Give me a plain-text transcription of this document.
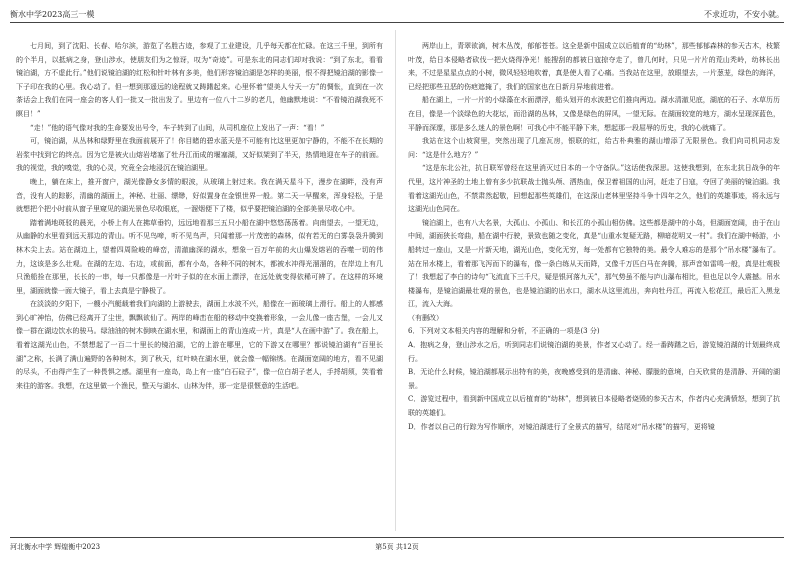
衡水中学2023高三一模	不求近功，不安小就。

七月间，到了沈阳、长春、哈尔滨，游览了名胜古迹，参观了工业建设，几乎每天都在忙碌。在这三千里，到所有的个半月，以抵病之身，登山涉水，使朋友们为之惊讶，叹为“奇迹”。可是东北的同志们却对我说：“到了东北，看看镜泊湖，方不虚此行。”他们说镜泊湖的红松和针叶林有多美，他们形容镜泊湖是怎样的美丽，恨不得把镜泊湖的影像一下子印在我的心里。我心动了。但一想到那遥远的途程就又踌躇起来。心里怀着“望美人兮天一方”的惆怅，直到在一次茶话会上我们在同一座会的客人们一批又一批出发了。里边有一位八十二岁的老几，他幽默地说：“不看镜泊湖我死不瞑目！”

“走！”他的语气像对我的生命要发出号令，车子转到了山间，从司机座位上发出了一声：“看！”

可，镜泊湖，从丛林和绿野里在我面前展开了！你目睹的碧水蓝天是不可能有比这里更加宁静的，不能不在长期的岩浆中找到它的终点。因为它是被火山熔岩堵塞了牡丹江而成的堰塞湖，又好似架到了半天，热情地迎在车子的前面。我的视觉，我的嗅觉，我的心灵，究竟全会地浸沉在镜泊湖里。

晚上，躺在床上，推开窗户，湖光像静女多情的眼波，从玻璃上射过来。我在满天星斗下，漫步在湖畔，没有声音，没有人的踪影，清幽的湖面上，神秘、壮丽、缥缈，好似置身在金银世界一般。第二天一早醒来，浑身轻松，于是就想把个把小时前从窗子里窥见的湖光景色尽收眼底，一溜烟便下了楼，似乎要把镜泊湖的全部美景尽收心中。

踏着满地斑驳的晨光，小桥上有人在拂草垂钓，远远地看那三五只小船在湖中悠悠荡荡着。向南望去，一望无边，从幽静的水里看到远天那边的青山。听不见鸟啼，听不见鸟声，只闻着那一片茂密的森林，似有若无的白雾袅袅升腾到林木尖上去。站在湖边上，望着四周险峻的峰峦，清澈幽深的湖水，想象一百万年前的火山爆发熔岩的吞噬一切的伟力，这该是多么壮观。在湖的左边、右边，或前面，都有小岛，各种不同的树木，都被水冲得光溜溜的，在岸边上有几只渔船拴在那里，长长的一串，每一只都像是一片叶子似的在水面上漂浮，在远处就变得依稀可辨了。在这样的环境里，湖面就像一面大镜子，看上去真是宁静极了。

在淡淡的夕阳下，一艘小汽艇载着我们向湖的上游驶去，湖面上水波不兴，船像在一面玻璃上滑行。船上的人都感到心旷神怡，仿佛已经离开了尘世，飘飘欲仙了。两岸的峰峦在船的移动中变换着形象，一会儿像一座古堡，一会儿又像一群在湖边饮水的骏马。绿油油的树木倒映在湖水里，和湖面上的青山连成一片，真是“人在画中游”了。我在船上，看着这湖光山色，不禁想起了一百二十里长的镜泊湖，它的上游在哪里，它的下游又在哪里？都说镜泊湖有“百里长湖”之称，长满了满山遍野的各种树木，到了秋天，红叶映在湖水里，就会像一幅锦绣。在湖面宽阔的地方，看不见湖的尽头，不由得产生了一种畏惧之感。湖里有一座岛，岛上有一座“白石砬子”，像一位白胡子老人，手捋胡须，笑看着来往的游客。我想，在这里做一个渔民，整天与湖水、山林为伴，那一定是很惬意的生活吧。

两岸山上，青翠欲滴，树木丛茂，郁郁苍苍。这全是新中国成立以后植育的“幼林”，那些郁郁森林的参天古木，枝繁叶茂，给日本侵略者砍伐一把火烧得净光！能搜刮的都被日寇掠夺走了，曾几何时，只见一片片的荒山秃岭，幼林长出来，不过是星星点点的小树，微风轻轻地吹着，真是使人看了心痛。当我站在这里，放眼望去，一片葱茏，绿色的海洋，已经把那些丑恶的伤疤遮掩了，我们的国家也在日新月异地前进着。

船在湖上，一片一片的小绿藻在水面漂浮，船头划开的水波把它们推向两边。湖水清澈见底，湖底的石子、水草历历在目，像是一个淡绿色的大花坛，而沿湖的丛林，又像是绿色的屏风，一望无际。在湖面较宽的地方，湖水呈现深蓝色，平静而深邃，那是多么迷人的景色啊！可我心中不能平静下来，想起那一段屈辱的历史，我的心就痛了。

我站在这个山坡窝里，突然出现了几座瓦房，银联的红，给古朴典雅的湖山增添了无限景色。我们向司机同志发问：“这是什么地方？”

“这是东北公社，抗日联军曾经在这里消灭过日本的一个守备队。”这话使我深思。这使我想到，在东北抗日战争的年代里，这片神圣的土地上曾有多少抗联战士抛头颅、洒热血，保卫着祖国的山河，赶走了日寇，夺回了美丽的镜泊湖。我看着这湖光山色，不禁肃然起敬，回想起那些英雄们，在这深山老林里坚持斗争十四年之久，他们的英雄事迹，将永远与这湖光山色同在。

镜泊湖上，也有八大名景，大孤山、小孤山、和长江的小孤山相仿佛。这些都是湖中的小岛，但湖面宽阔，由于在山中间，湖面狭长弯曲，船在湖中行驶，景致也随之变化，真是“山重水复疑无路，柳暗花明又一村”。我们在湖中畅游，小船转过一座山，又是一片新天地，湖光山色，变化无穷，每一处都有它独特的美。最令人难忘的是那个“吊水楼”瀑布了。站在吊水楼上，看着那飞泻而下的瀑布，像一条白练从天而降，又像千万匹白马在奔腾，那声音如雷鸣一般，真是壮观极了！我想起了李白的诗句“飞流直下三千尺，疑是银河落九天”，那气势虽不能与庐山瀑布相比，但也足以令人震撼。吊水楼瀑布，是镜泊湖最壮观的景色，也是镜泊湖的出水口，湖水从这里流出，奔向牡丹江，再流入松花江，最后汇入黑龙江，流入大海。

（有删改）

6．下列对文本相关内容的理解和分析，不正确的一项是(3 分)

A．抱病之身，登山涉水之后，听到同志们说镜泊湖的美景，作者又心动了。经一番踌躇之后，游览镜泊湖的计划最终成行。

B．无论什么时候，镜泊湖都展示出特有的美，夜晚感受到的是清幽、神秘、朦胧的意境，白天欣赏的是清静、开阔的湖景。

C．游览过程中，看到新中国成立以后植育的“幼林”，想到被日本侵略者烧毁的参天古木，作者内心充满愤怒，想到了抗联的英雄们。

D．作者以自己的行踪为写作顺序，对镜泊湖进行了全景式的描写，结尾对“吊水楼”的描写，更将镜

河北衡水中学 辉煌衡中2023	第5页 共12页
